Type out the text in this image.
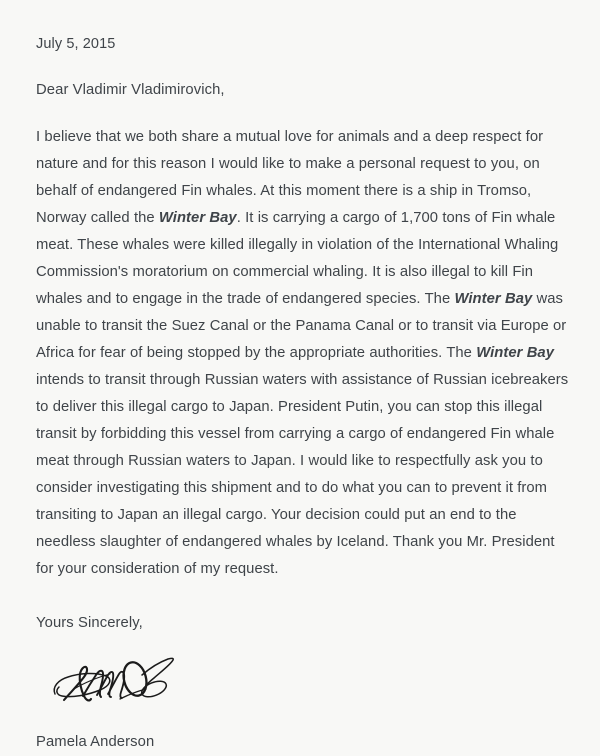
July 5, 2015
Dear Vladimir Vladimirovich,
I believe that we both share a mutual love for animals and a deep respect for nature and for this reason I would like to make a personal request to you, on behalf of endangered Fin whales. At this moment there is a ship in Tromso, Norway called the Winter Bay. It is carrying a cargo of 1,700 tons of Fin whale meat. These whales were killed illegally in violation of the International Whaling Commission's moratorium on commercial whaling. It is also illegal to kill Fin whales and to engage in the trade of endangered species. The Winter Bay was unable to transit the Suez Canal or the Panama Canal or to transit via Europe or Africa for fear of being stopped by the appropriate authorities. The Winter Bay intends to transit through Russian waters with assistance of Russian icebreakers to deliver this illegal cargo to Japan. President Putin, you can stop this illegal transit by forbidding this vessel from carrying a cargo of endangered Fin whale meat through Russian waters to Japan. I would like to respectfully ask you to consider investigating this shipment and to do what you can to prevent it from transiting to Japan an illegal cargo. Your decision could put an end to the needless slaughter of endangered whales by Iceland. Thank you Mr. President for your consideration of my request.
Yours Sincerely,
Pamela Anderson
